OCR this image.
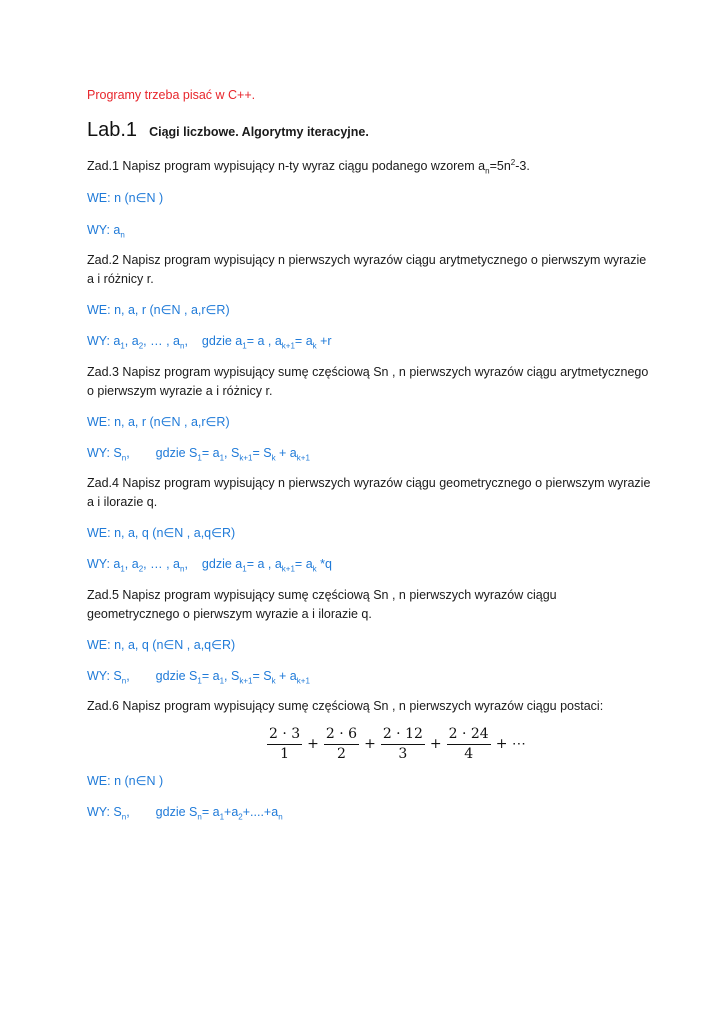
Programy trzeba pisać w C++.
Lab.1 Ciągi liczbowe. Algorytmy iteracyjne.
Zad.1 Napisz program wypisujący n-ty wyraz ciągu podanego wzorem $a_n=5n^2-3$.
WE: n (n∈N )
WY: $a_n$
Zad.2 Napisz program wypisujący n pierwszych wyrazów ciągu arytmetycznego o pierwszym wyrazie
a i różnicy r.
WE: n, a, r (n∈N , a,r∈R)
WY: $a_1$, $a_2$, … , $a_n$, gdzie $a_1= a$ , $a_{k+1}= a_k +r$
Zad.3 Napisz program wypisujący sumę częściową Sn , n pierwszych wyrazów ciągu arytmetycznego
o pierwszym wyrazie a i różnicy r.
WE: n, a, r (n∈N , a,r∈R)
WY: $S_n$, gdzie $S_1= a_1$, $S_{k+1}= S_k + a_{k+1}$
Zad.4 Napisz program wypisujący n pierwszych wyrazów ciągu geometrycznego o pierwszym wyrazie
a i ilorazie q.
WE: n, a, q (n∈N , a,q∈R)
WY: $a_1$, $a_2$, … , $a_n$, gdzie $a_1= a$ , $a_{k+1}= a_k$ *q
Zad.5 Napisz program wypisujący sumę częściową Sn , n pierwszych wyrazów ciągu
geometrycznego o pierwszym wyrazie a i ilorazie q.
WE: n, a, q (n∈N , a,q∈R)
WY: $S_n$, gdzie $S_1= a_1$, $S_{k+1}= S_k + a_{k+1}$
Zad.6 Napisz program wypisujący sumę częściową Sn , n pierwszych wyrazów ciągu postaci:
$\frac{2 \cdot 3}{1} + \frac{2 \cdot 6}{2} + \frac{2 \cdot 12}{3} + \frac{2 \cdot 24}{4}$ + ⋯
WE: n (n∈N )
WY: $S_n$, gdzie $S_n= a_1+a_2+....+a_n$
